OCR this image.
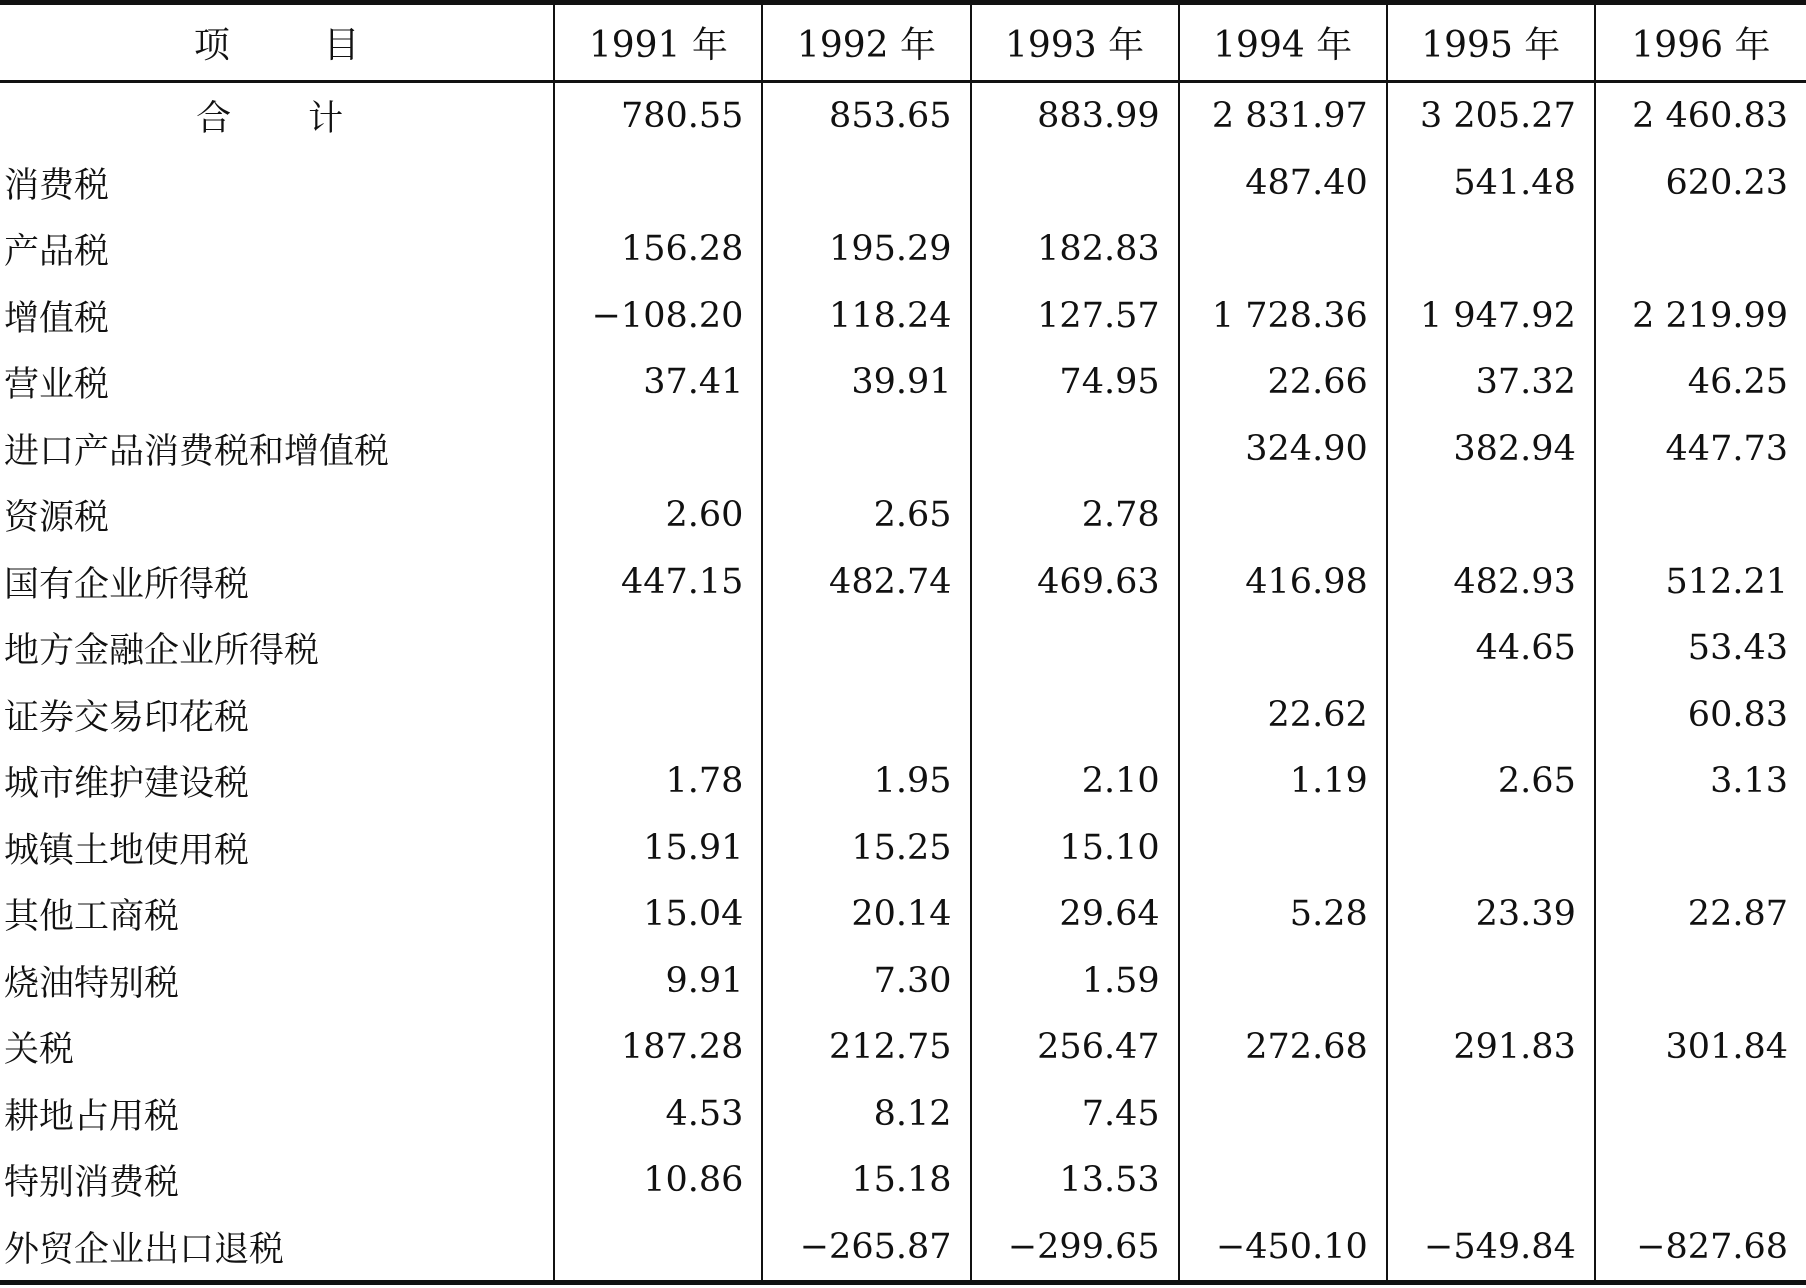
项目	1991 年	1992 年	1993 年	1994 年	1995 年	1996 年
合计	780.55	853.65	883.99	2 831.97	3 205.27	2 460.83
消费税				487.40	541.48	620.23
产品税	156.28	195.29	182.83			
增值税	−108.20	118.24	127.57	1 728.36	1 947.92	2 219.99
营业税	37.41	39.91	74.95	22.66	37.32	46.25
进口产品消费税和增值税				324.90	382.94	447.73
资源税	2.60	2.65	2.78			
国有企业所得税	447.15	482.74	469.63	416.98	482.93	512.21
地方金融企业所得税					44.65	53.43
证券交易印花税				22.62		60.83
城市维护建设税	1.78	1.95	2.10	1.19	2.65	3.13
城镇土地使用税	15.91	15.25	15.10			
其他工商税	15.04	20.14	29.64	5.28	23.39	22.87
烧油特别税	9.91	7.30	1.59			
关税	187.28	212.75	256.47	272.68	291.83	301.84
耕地占用税	4.53	8.12	7.45			
特别消费税	10.86	15.18	13.53			
外贸企业出口退税		−265.87	−299.65	−450.10	−549.84	−827.68
